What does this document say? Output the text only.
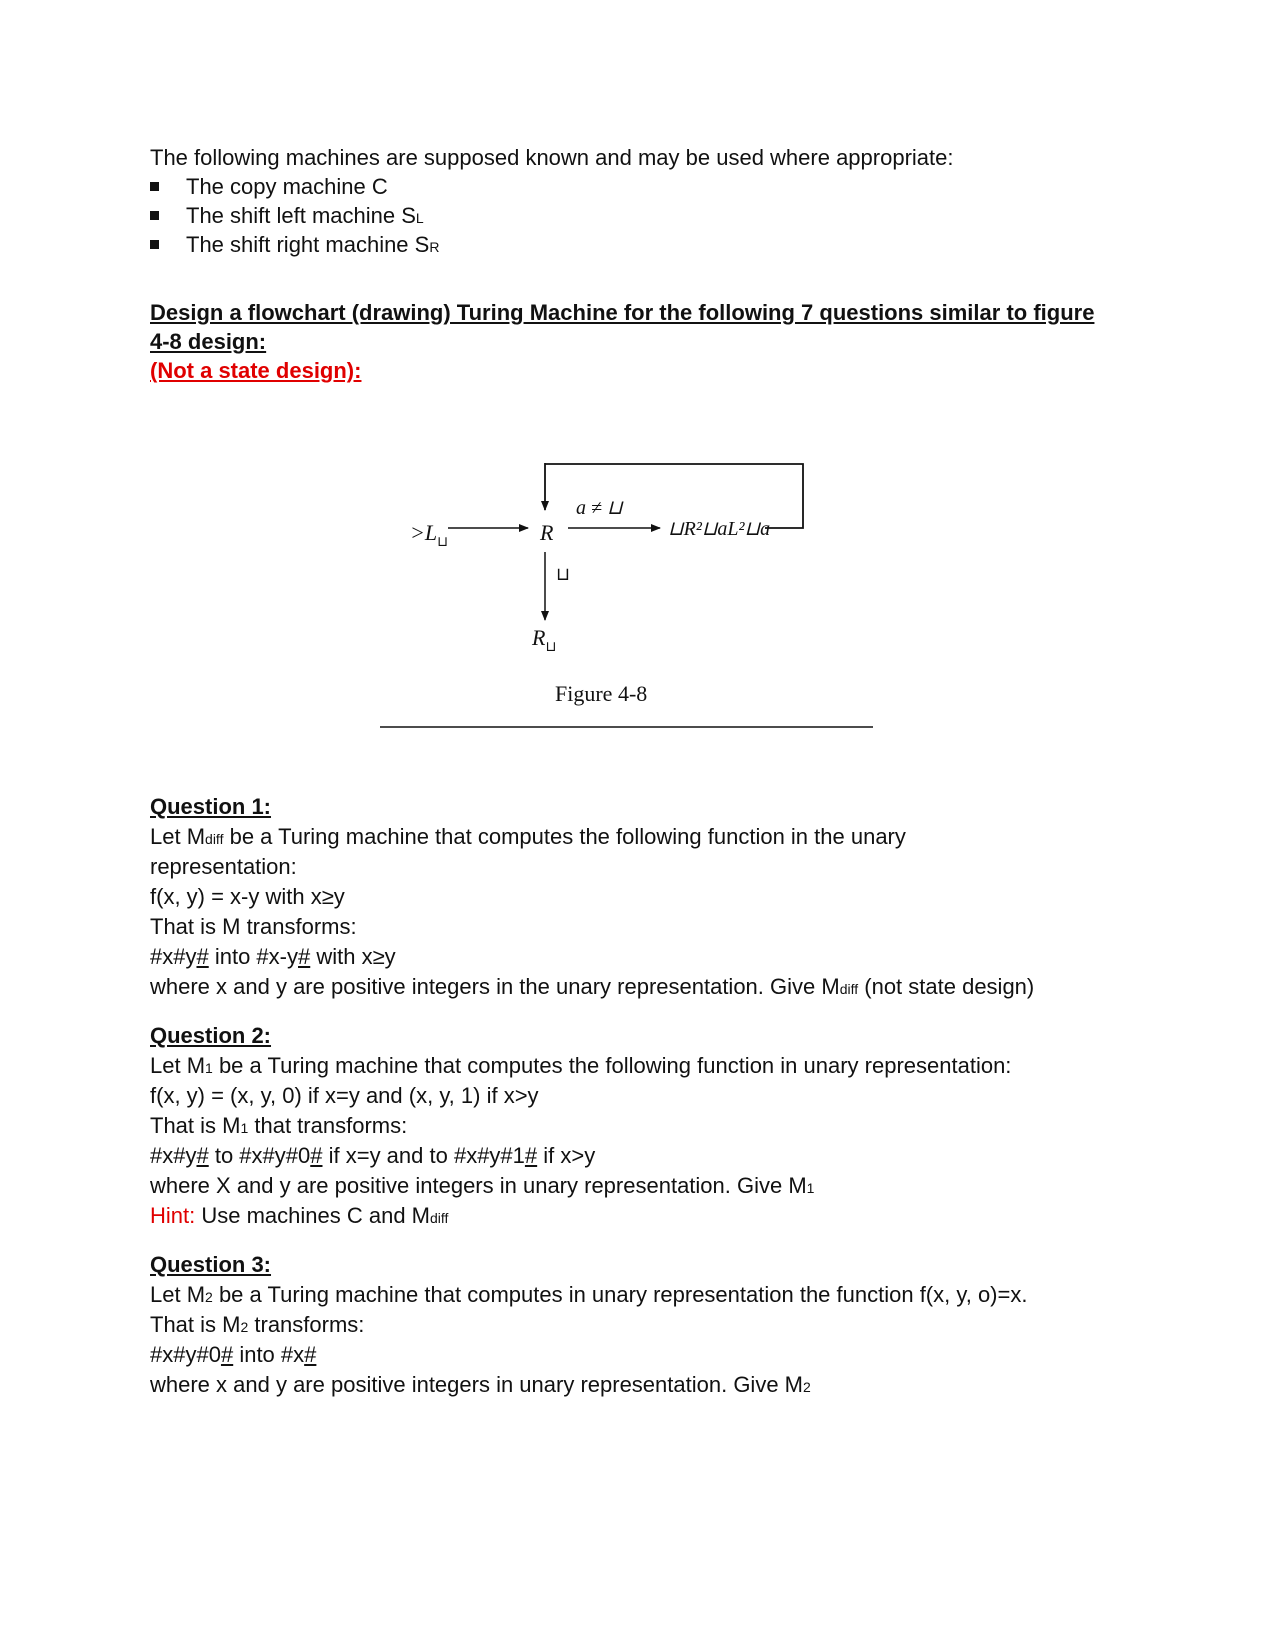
The following machines are supposed known and may be used where appropriate:
The copy machine C
The shift left machine SL
The shift right machine SR
Design a flowchart (drawing) Turing Machine for the following 7 questions similar to figure
4-8 design:
(Not a state design):
$>L_⊔$	R
a ≠ ⊔
⊔R²⊔aL²⊔a
⊔
$R_⊔$
Figure 4-8
Question 1:
Let Mdiff be a Turing machine that computes the following function in the unary
representation:
f(x, y) = x-y with x≥y
That is M transforms:
#x#y# into #x-y# with x≥y
where x and y are positive integers in the unary representation. Give Mdiff (not state design)
Question 2:
Let M1 be a Turing machine that computes the following function in unary representation:
f(x, y) = (x, y, 0) if x=y and (x, y, 1) if x>y
That is M1 that transforms:
#x#y# to #x#y#0# if x=y and to #x#y#1# if x>y
where X and y are positive integers in unary representation. Give M1
Hint: Use machines C and Mdiff
Question 3:
Let M2 be a Turing machine that computes in unary representation the function f(x, y, o)=x.
That is M2 transforms:
#x#y#0# into #x#
where x and y are positive integers in unary representation. Give M2
